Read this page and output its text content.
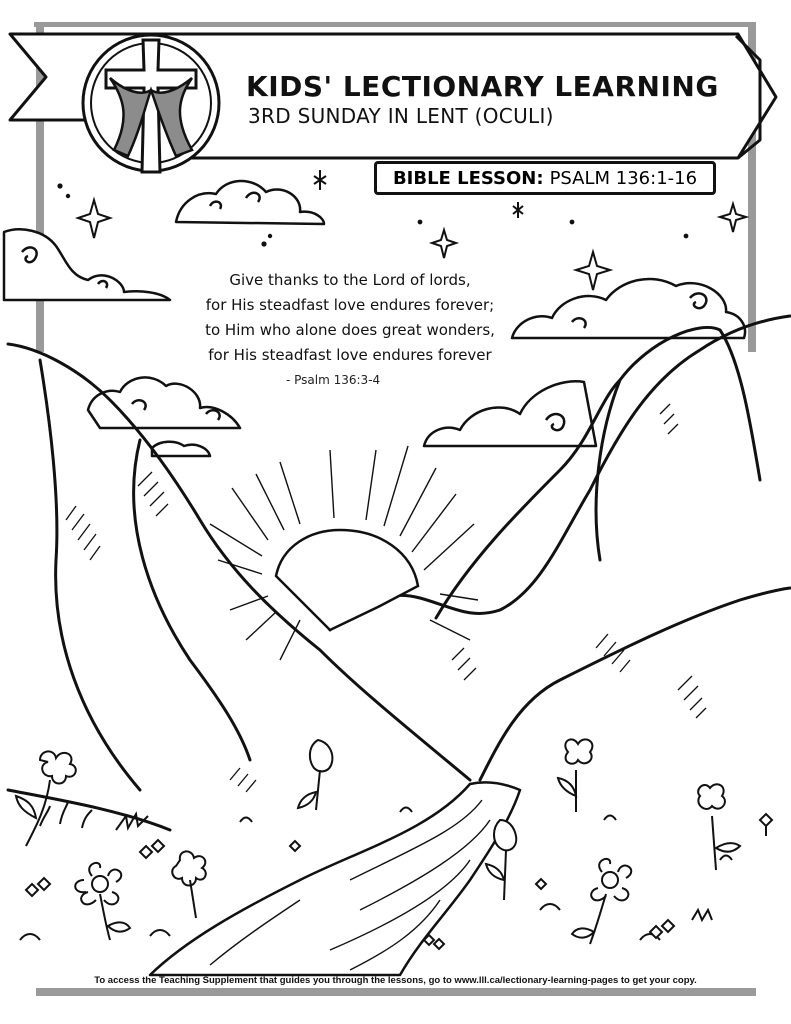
KIDS' LECTIONARY LEARNING

3RD SUNDAY IN LENT (OCULI)

BIBLE LESSON: PSALM 136:1-16
Give thanks to the Lord of lords,
for His steadfast love endures forever;
to Him who alone does great wonders,
for His steadfast love endures forever
- Psalm 136:3-4
To access the Teaching Supplement that guides you through the lessons, go to www.lll.ca/lectionary-learning-pages to get your copy.
